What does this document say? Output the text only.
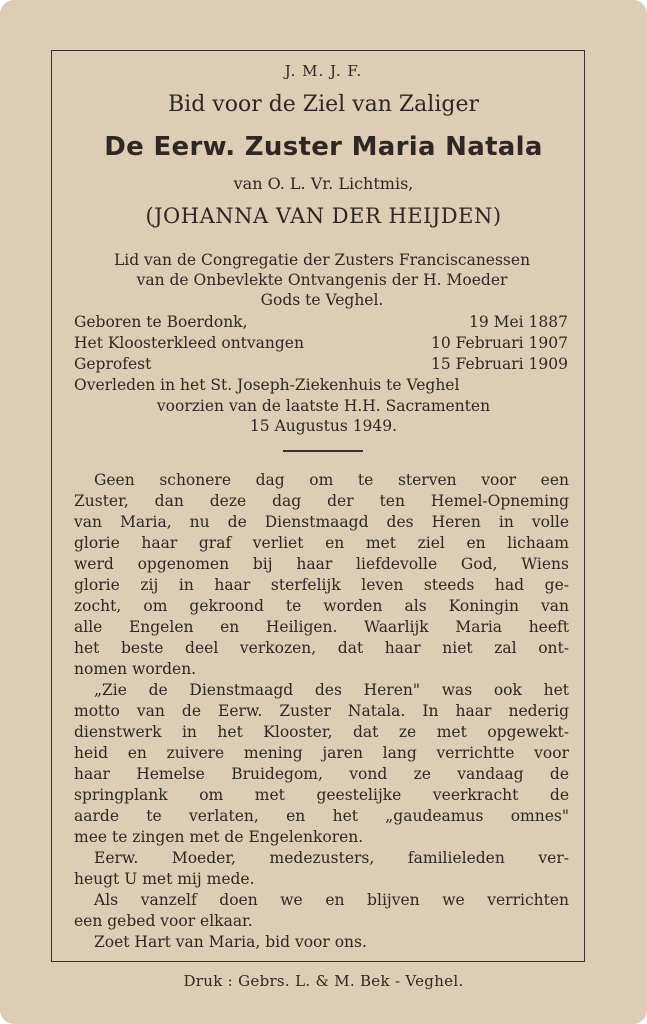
J. M. J. F.
Bid voor de Ziel van Zaliger
De Eerw. Zuster Maria Natala
van O. L. Vr. Lichtmis,
(JOHANNA VAN DER HEIJDEN)
Lid van de Congregatie der Zusters Franciscanessen
van de Onbevlekte Ontvangenis der H. Moeder
Gods te Veghel.
Geboren te Boerdonk,	19 Mei 1887
Het Kloosterkleed ontvangen	10 Februari 1907
Geprofest	15 Februari 1909
Overleden in het St. Joseph-Ziekenhuis te Veghel
voorzien van de laatste H.H. Sacramenten
15 Augustus 1949.
Geen schonere dag om te sterven voor een
Zuster, dan deze dag der ten Hemel-Opneming
van Maria, nu de Dienstmaagd des Heren in volle
glorie haar graf verliet en met ziel en lichaam
werd opgenomen bij haar liefdevolle God, Wiens
glorie zij in haar sterfelijk leven steeds had ge-
zocht, om gekroond te worden als Koningin van
alle Engelen en Heiligen. Waarlijk Maria heeft
het beste deel verkozen, dat haar niet zal ont-
nomen worden.
„Zie de Dienstmaagd des Heren" was ook het
motto van de Eerw. Zuster Natala. In haar nederig
dienstwerk in het Klooster, dat ze met opgewekt-
heid en zuivere mening jaren lang verrichtte voor
haar Hemelse Bruidegom, vond ze vandaag de
springplank om met geestelijke veerkracht de
aarde te verlaten, en het „gaudeamus omnes"
mee te zingen met de Engelenkoren.
Eerw. Moeder, medezusters, familieleden ver-
heugt U met mij mede.
Als vanzelf doen we en blijven we verrichten
een gebed voor elkaar.
Zoet Hart van Maria, bid voor ons.
Druk : Gebrs. L. & M. Bek - Veghel.
